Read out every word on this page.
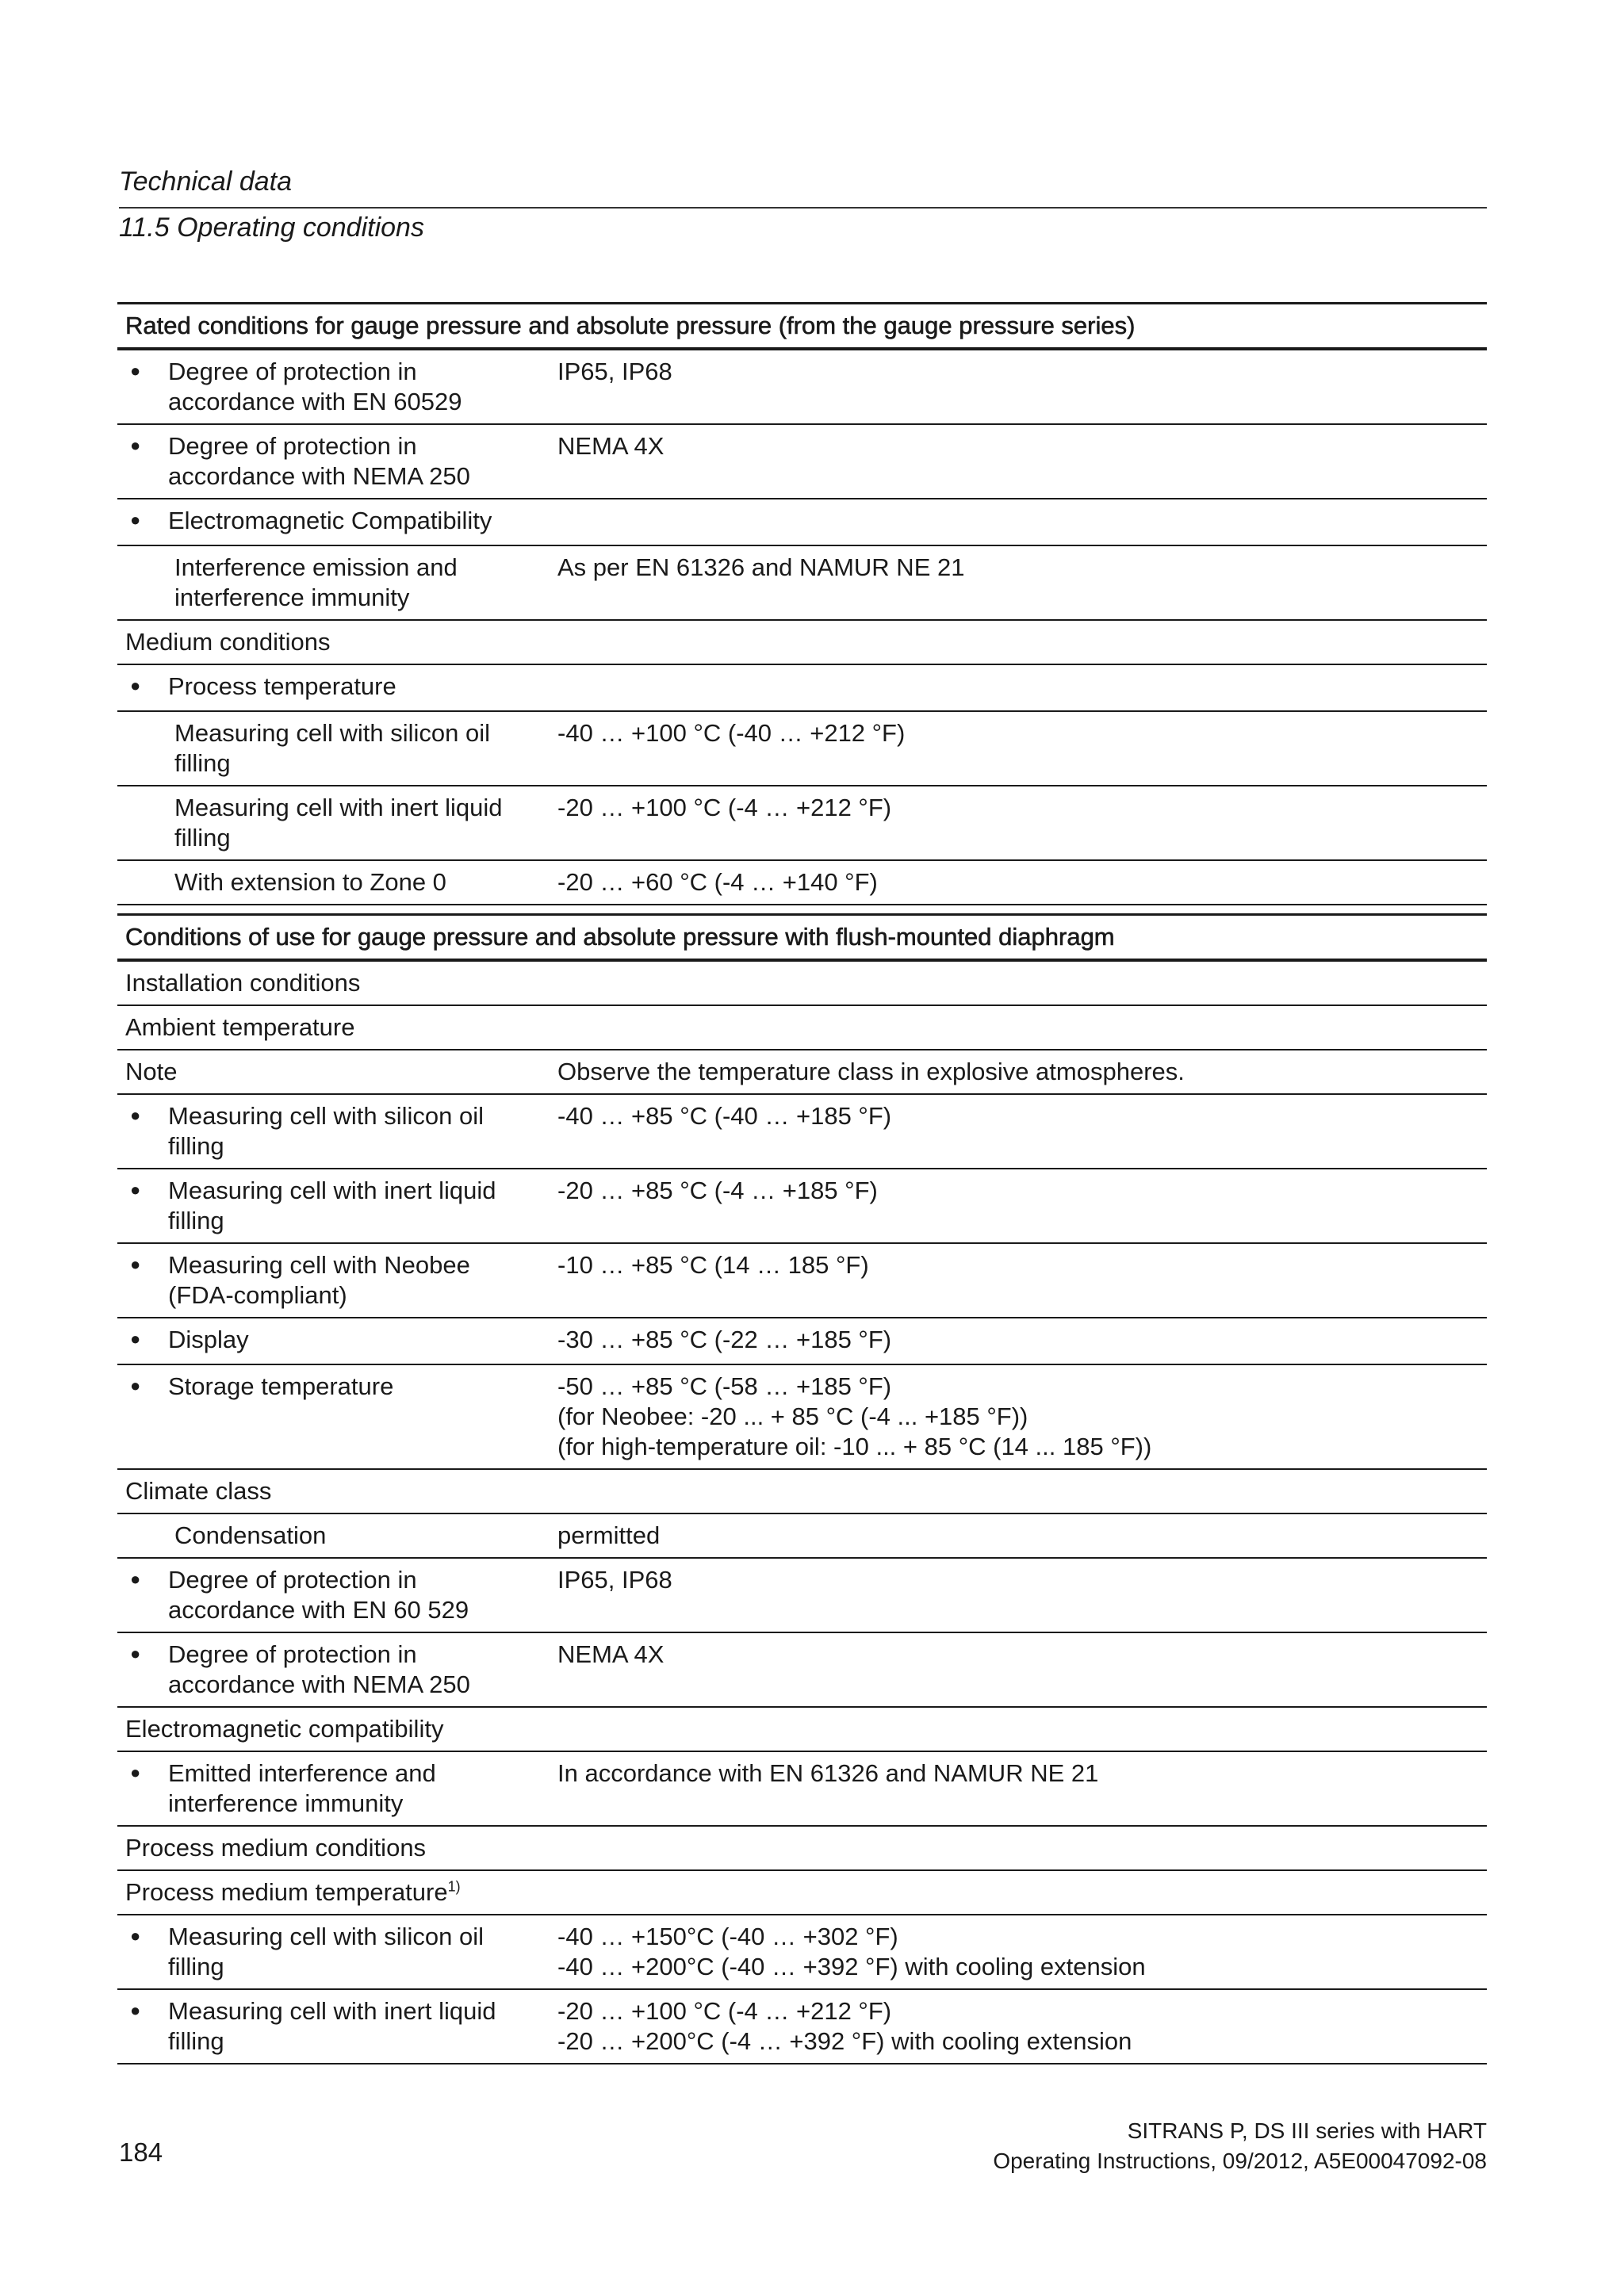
Technical data
11.5 Operating conditions
Rated conditions for gauge pressure and absolute pressure (from the gauge pressure series)	

●
Degree of protection in accordance with EN 60529	IP65, IP68

●
Degree of protection in accordance with NEMA 250	NEMA 4X

●
Electromagnetic Compatibility

Interference emission and interference immunity	As per EN 61326 and NAMUR NE 21
Medium conditions	

●
Process temperature

Measuring cell with silicon oil filling	-40 … +100 °C (-40 … +212 °F)

Measuring cell with inert liquid filling	-20 … +100 °C (-4 … +212 °F)

With extension to Zone 0	-20 … +60 °C (-4 … +140 °F)
Conditions of use for gauge pressure and absolute pressure with flush-mounted diaphragm	
Installation conditions	
Ambient temperature	
Note	Observe the temperature class in explosive atmospheres.

●
Measuring cell with silicon oil filling	-40 … +85 °C (-40 … +185 °F)

●
Measuring cell with inert liquid filling	-20 … +85 °C (-4 … +185 °F)

●
Measuring cell with Neobee (FDA-compliant)	-10 … +85 °C (14 … 185 °F)

●
Display	-30 … +85 °C (-22 … +185 °F)

●
Storage temperature	-50 … +85 °C (-58 … +185 °F)
(for Neobee: -20 ... + 85 °C (-4 ... +185 °F))
(for high-temperature oil: -10 ... + 85 °C (14 ... 185 °F))

Climate class	

Condensation	permitted

●
Degree of protection in accordance with EN 60 529	IP65, IP68

●
Degree of protection in accordance with NEMA 250	NEMA 4X
Electromagnetic compatibility	

●
Emitted interference and interference immunity	In accordance with EN 61326 and NAMUR NE 21
Process medium conditions	
Process medium temperature$^{1)}$	

●
Measuring cell with silicon oil filling	-40 … +150°C (-40 … +302 °F)
-40 … +200°C (-40 … +392 °F) with cooling extension

●
Measuring cell with inert liquid filling	-20 … +100 °C (-4 … +212 °F)
-20 … +200°C (-4 … +392 °F) with cooling extension
184
SITRANS P, DS III series with HART
Operating Instructions, 09/2012, A5E00047092-08
